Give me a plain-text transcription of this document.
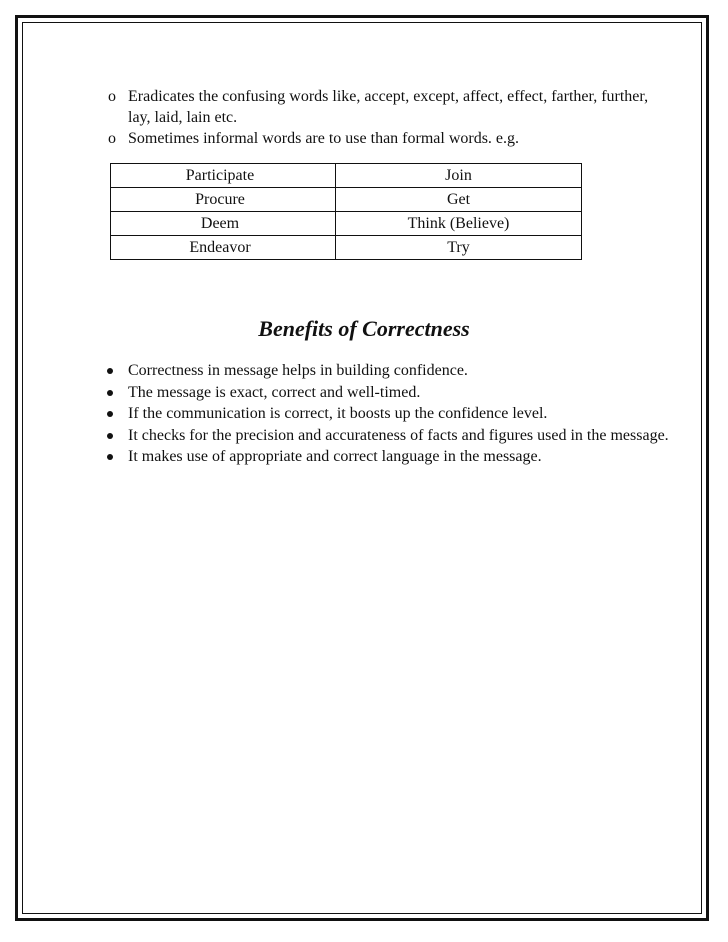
o Eradicates the confusing words like, accept, except, affect, effect, farther, further, lay, laid, lain etc.
o Sometimes informal words are to use than formal words. e.g.
Participate	Join
Procure	Get
Deem	Think (Believe)
Endeavor	Try
Benefits of Correctness
Correctness in message helps in building confidence.
The message is exact, correct and well-timed.
If the communication is correct, it boosts up the confidence level.
It checks for the precision and accurateness of facts and figures used in the message.
It makes use of appropriate and correct language in the message.
